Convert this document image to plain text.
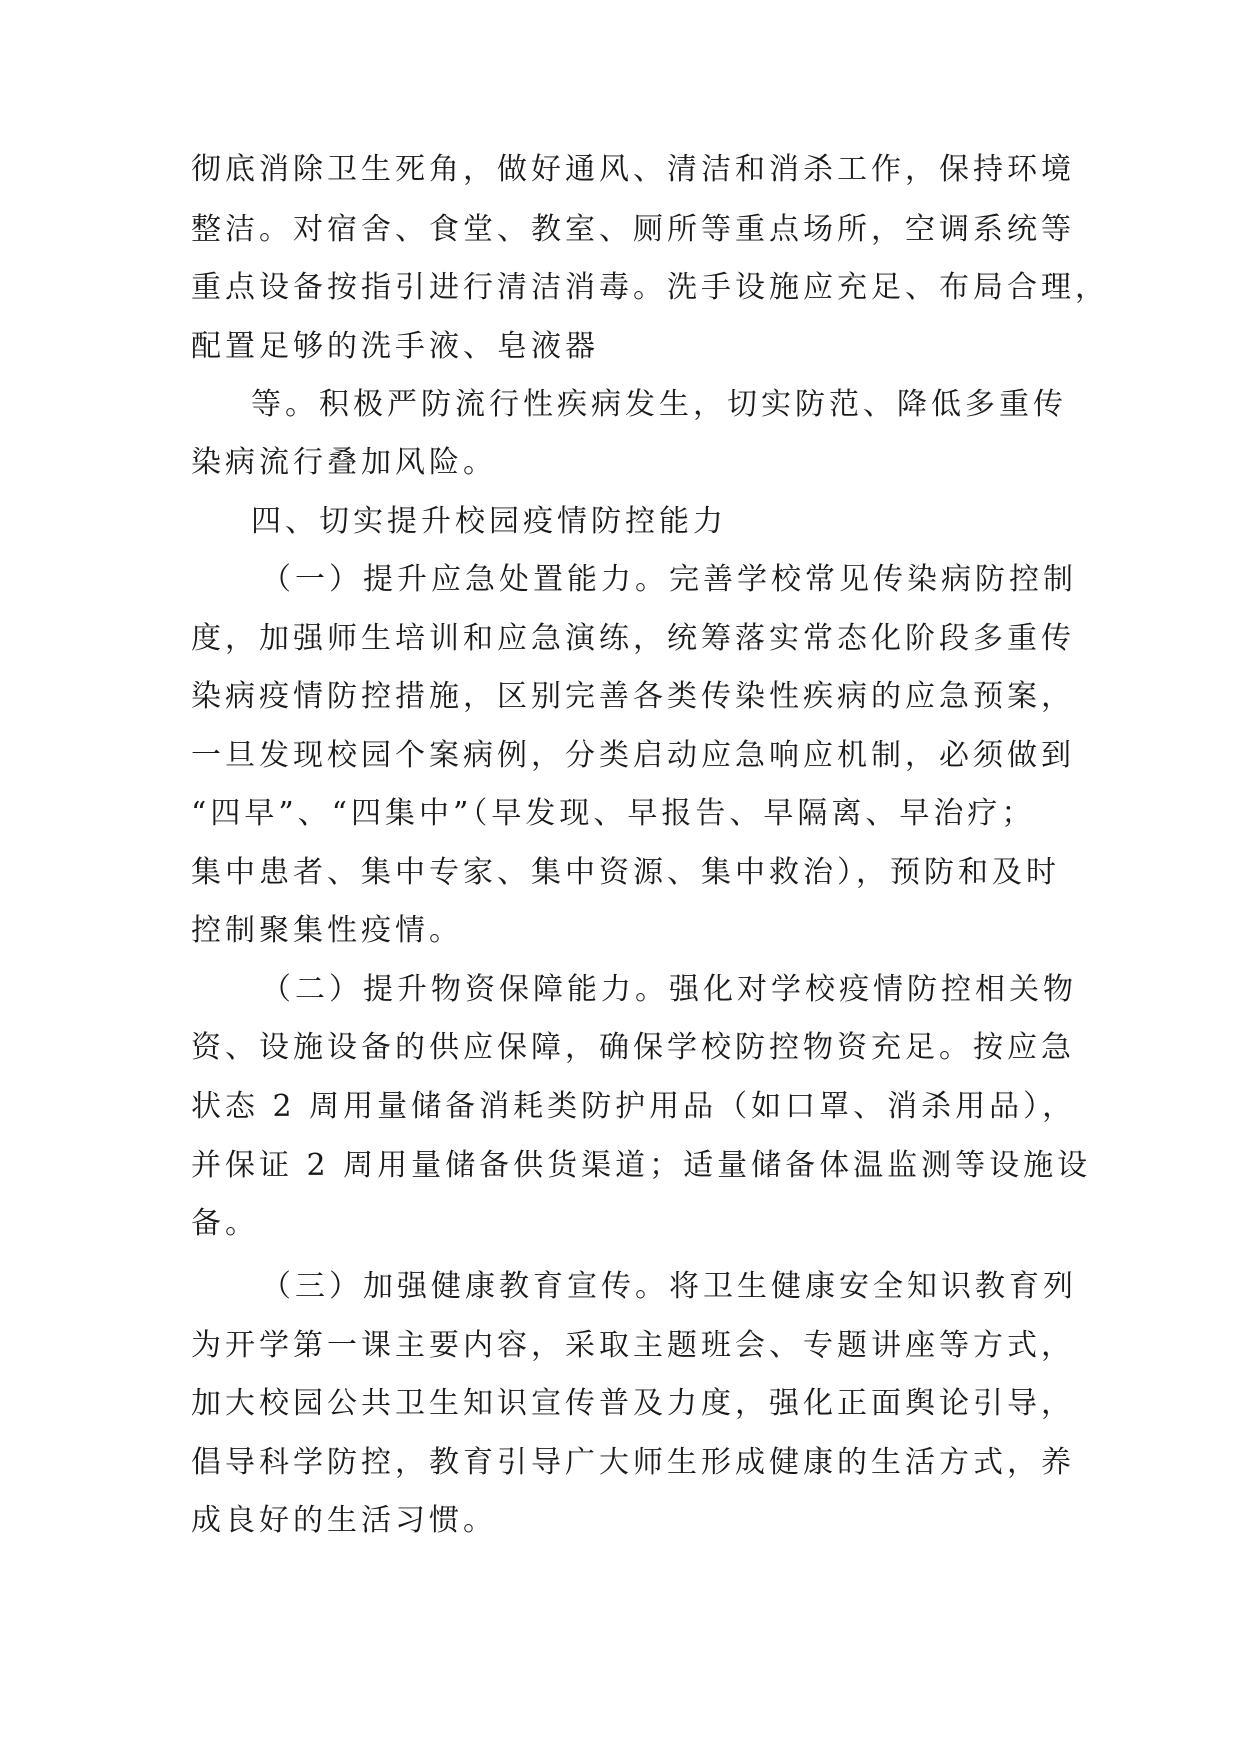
彻底消除卫生死角，做好通风、清洁和消杀工作，保持环境
整洁。对宿舍、食堂、教室、厕所等重点场所，空调系统等
重点设备按指引进行清洁消毒。洗手设施应充足、布局合理，
配置足够的洗手液、皂液器
等。积极严防流行性疾病发生，切实防范、降低多重传
染病流行叠加风险。
四、切实提升校园疫情防控能力
（一）提升应急处置能力。完善学校常见传染病防控制
度，加强师生培训和应急演练，统筹落实常态化阶段多重传
染病疫情防控措施，区别完善各类传染性疾病的应急预案，
一旦发现校园个案病例，分类启动应急响应机制，必须做到
“四早”、“四集中”（早发现、早报告、早隔离、早治疗；
集中患者、集中专家、集中资源、集中救治），预防和及时
控制聚集性疫情。
（二）提升物资保障能力。强化对学校疫情防控相关物
资、设施设备的供应保障，确保学校防控物资充足。按应急
状态 2 周用量储备消耗类防护用品（如口罩、消杀用品），
并保证 2 周用量储备供货渠道；适量储备体温监测等设施设
备。
（三）加强健康教育宣传。将卫生健康安全知识教育列
为开学第一课主要内容，采取主题班会、专题讲座等方式，
加大校园公共卫生知识宣传普及力度，强化正面舆论引导，
倡导科学防控，教育引导广大师生形成健康的生活方式，养
成良好的生活习惯。
